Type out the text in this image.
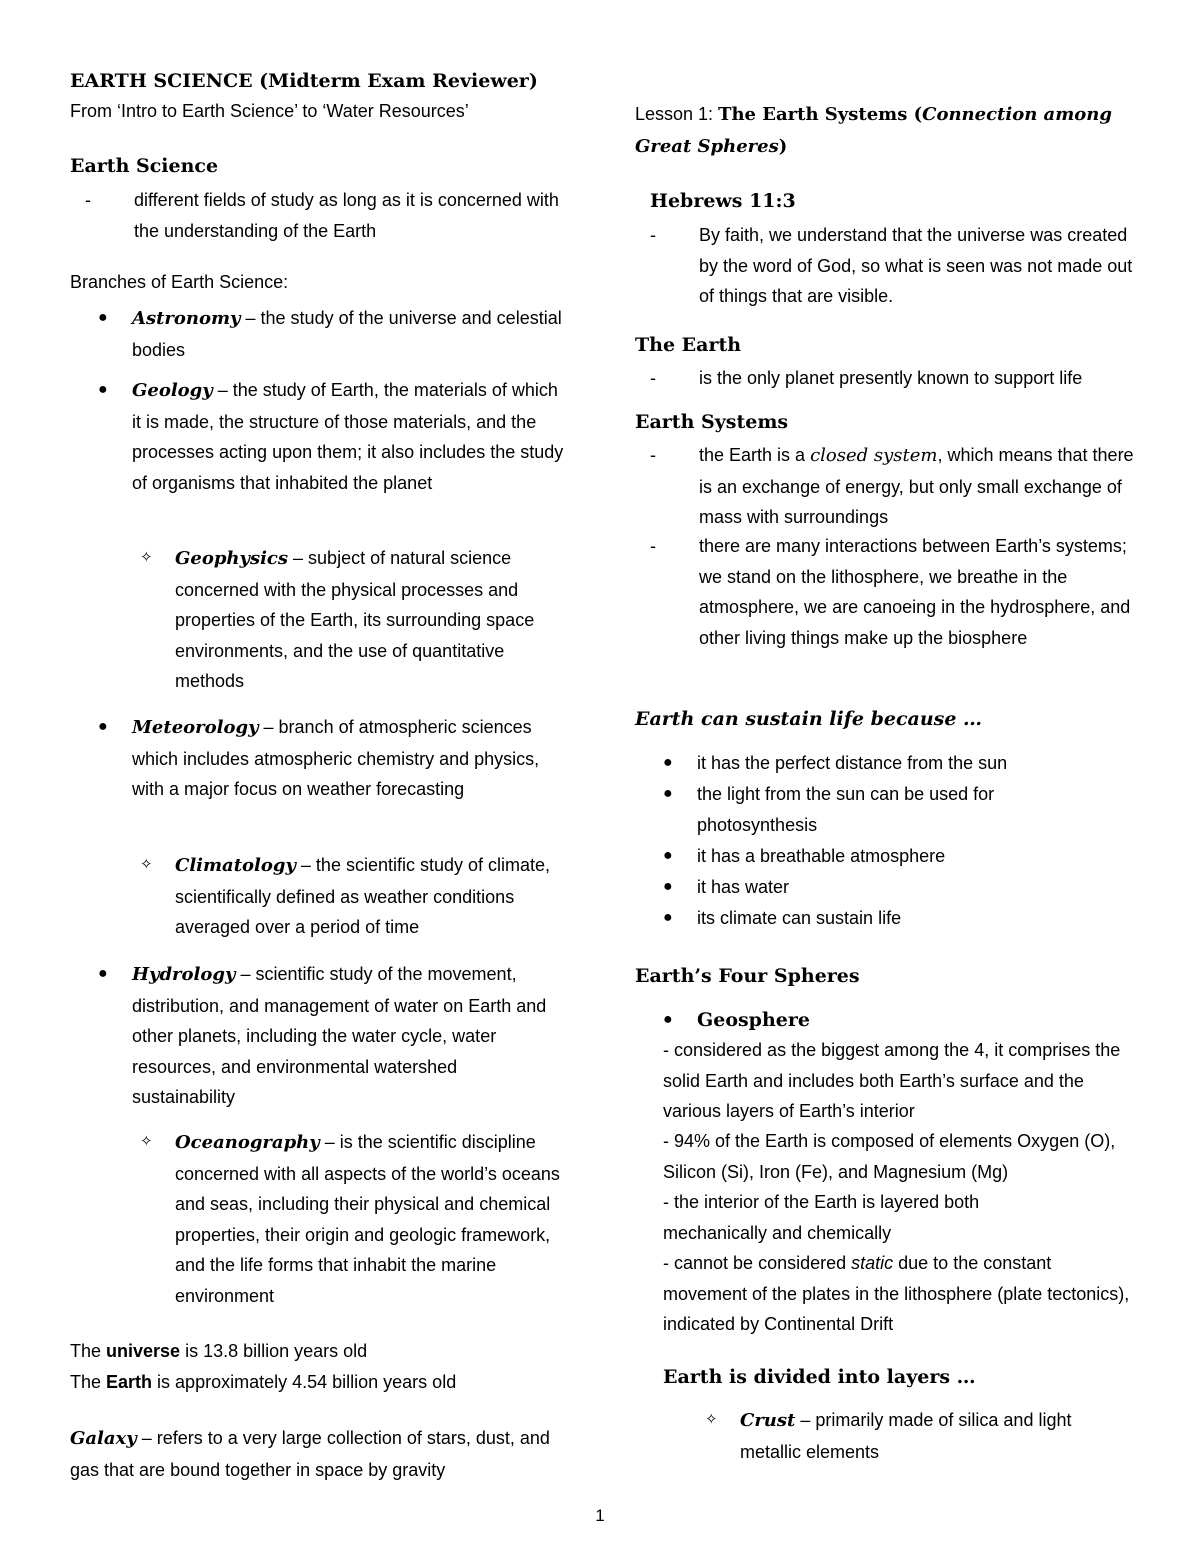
EARTH SCIENCE (Midterm Exam Reviewer)
From ‘Intro to Earth Science’ to ‘Water Resources’
Earth Science
- different fields of study as long as it is concerned with the understanding of the Earth
Branches of Earth Science:
● Astronomy – the study of the universe and celestial bodies
● Geology – the study of Earth, the materials of which it is made, the structure of those materials, and the processes acting upon them; it also includes the study of organisms that inhabited the planet
✧ Geophysics – subject of natural science concerned with the physical processes and properties of the Earth, its surrounding space environments, and the use of quantitative methods
● Meteorology – branch of atmospheric sciences which includes atmospheric chemistry and physics, with a major focus on weather forecasting
✧ Climatology – the scientific study of climate, scientifically defined as weather conditions averaged over a period of time
● Hydrology – scientific study of the movement, distribution, and management of water on Earth and other planets, including the water cycle, water resources, and environmental watershed sustainability
✧ Oceanography – is the scientific discipline concerned with all aspects of the world’s oceans and seas, including their physical and chemical properties, their origin and geologic framework, and the life forms that inhabit the marine environment
The universe is 13.8 billion years old
The Earth is approximately 4.54 billion years old
Galaxy – refers to a very large collection of stars, dust, and gas that are bound together in space by gravity
Lesson 1: The Earth Systems (Connection among Great Spheres)
Hebrews 11:3
- By faith, we understand that the universe was created by the word of God, so what is seen was not made out of things that are visible.
The Earth
- is the only planet presently known to support life
Earth Systems
- the Earth is a closed system, which means that there is an exchange of energy, but only small exchange of mass with surroundings
- there are many interactions between Earth’s systems; we stand on the lithosphere, we breathe in the atmosphere, we are canoeing in the hydrosphere, and other living things make up the biosphere
Earth can sustain life because …
● it has the perfect distance from the sun
● the light from the sun can be used for photosynthesis
● it has a breathable atmosphere
● it has water
● its climate can sustain life
Earth’s Four Spheres
● Geosphere
- considered as the biggest among the 4, it comprises the solid Earth and includes both Earth’s surface and the various layers of Earth’s interior
- 94% of the Earth is composed of elements Oxygen (O), Silicon (Si), Iron (Fe), and Magnesium (Mg)
- the interior of the Earth is layered both mechanically and chemically
- cannot be considered static due to the constant movement of the plates in the lithosphere (plate tectonics), indicated by Continental Drift
Earth is divided into layers …
✧ Crust – primarily made of silica and light metallic elements
1
